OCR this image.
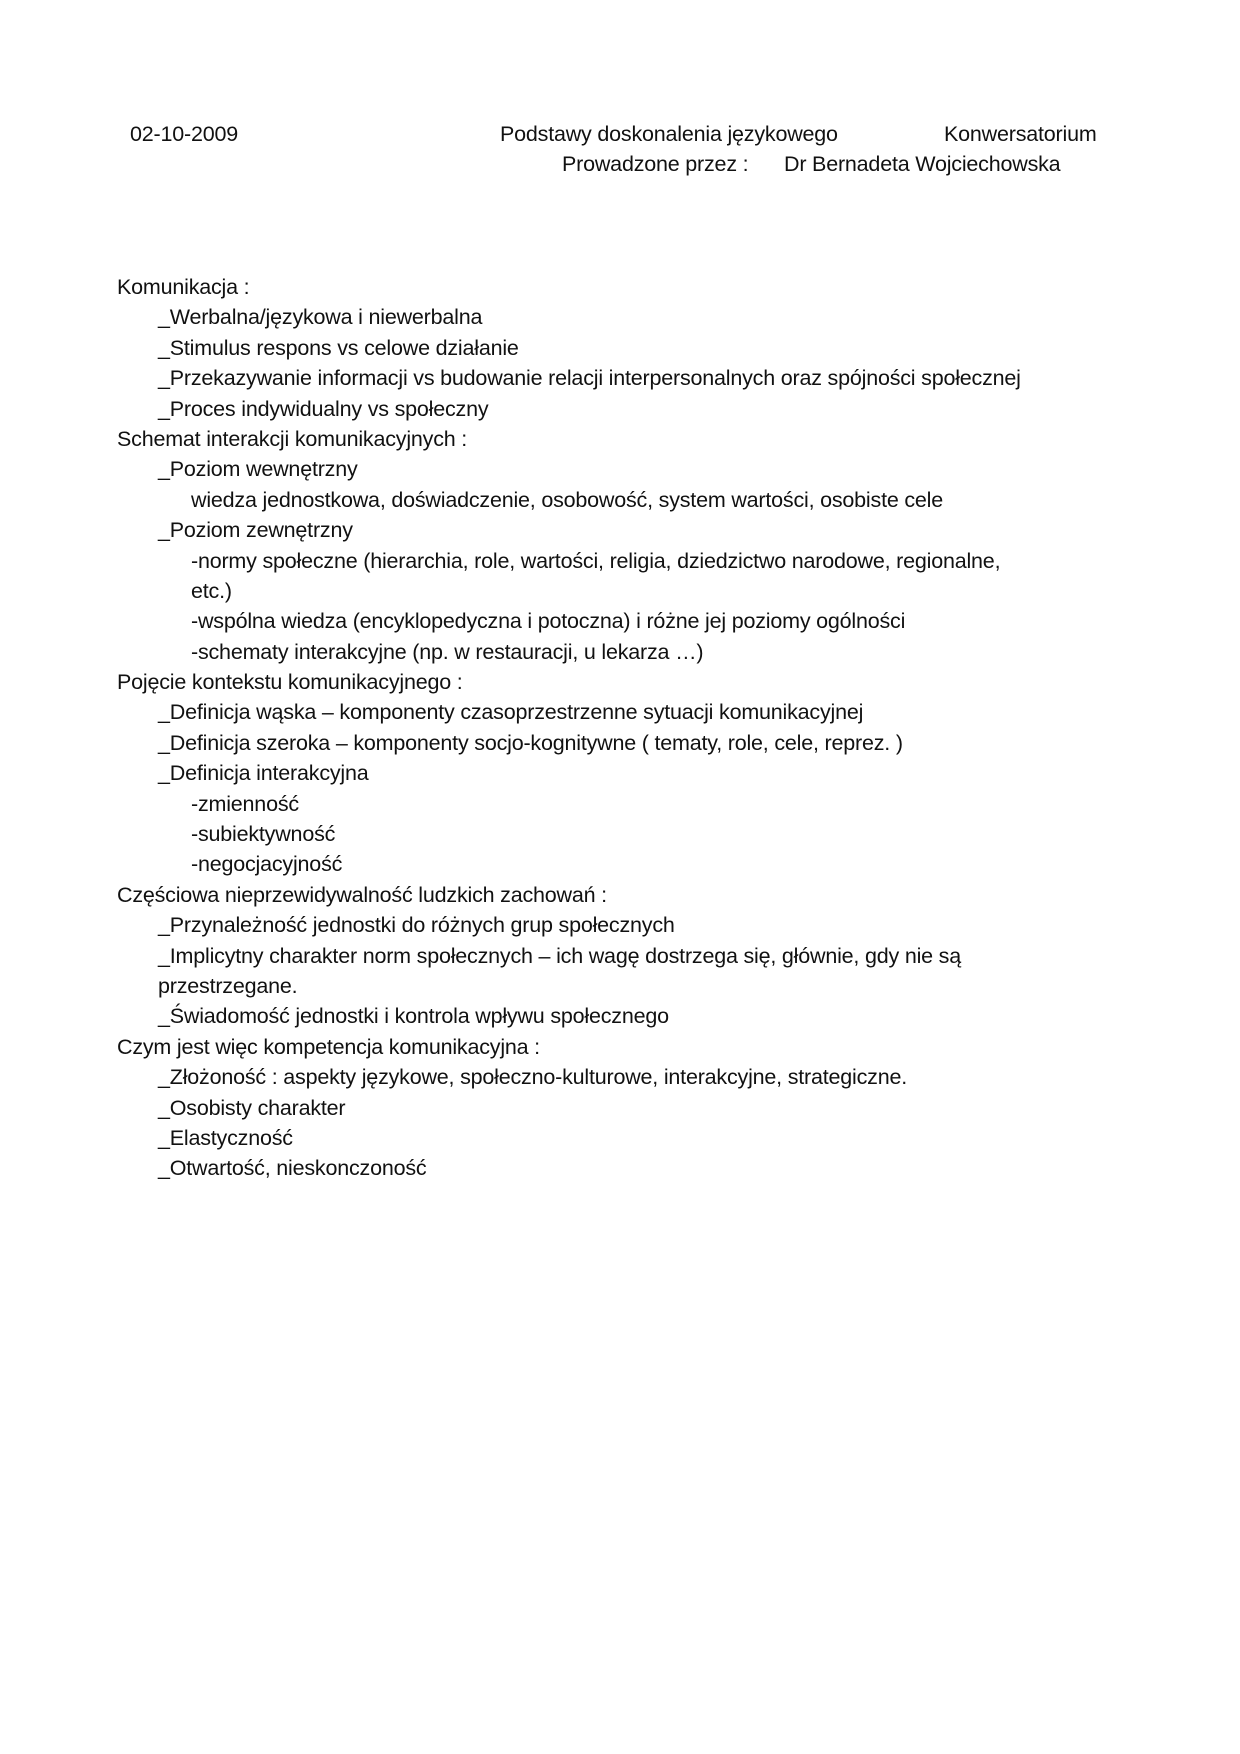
02-10-2009	Podstawy doskonalenia językowego	Konwersatorium
Prowadzone przez : Dr Bernadeta Wojciechowska
Komunikacja :
_Werbalna/językowa i niewerbalna
_Stimulus respons vs celowe działanie
_Przekazywanie informacji vs budowanie relacji interpersonalnych oraz spójności społecznej
_Proces indywidualny vs społeczny
Schemat interakcji komunikacyjnych :
_Poziom wewnętrzny
wiedza jednostkowa, doświadczenie, osobowość, system wartości, osobiste cele
_Poziom zewnętrzny
-normy społeczne (hierarchia, role, wartości, religia, dziedzictwo narodowe, regionalne,
etc.)
-wspólna wiedza (encyklopedyczna i potoczna) i różne jej poziomy ogólności
-schematy interakcyjne (np. w restauracji, u lekarza …)
Pojęcie kontekstu komunikacyjnego :
_Definicja wąska – komponenty czasoprzestrzenne sytuacji komunikacyjnej
_Definicja szeroka – komponenty socjo-kognitywne ( tematy, role, cele, reprez. )
_Definicja interakcyjna
-zmienność
-subiektywność
-negocjacyjność
Częściowa nieprzewidywalność ludzkich zachowań :
_Przynależność jednostki do różnych grup społecznych
_Implicytny charakter norm społecznych – ich wagę dostrzega się, głównie, gdy nie są
przestrzegane.
_Świadomość jednostki i kontrola wpływu społecznego
Czym jest więc kompetencja komunikacyjna :
_Złożoność : aspekty językowe, społeczno-kulturowe, interakcyjne, strategiczne.
_Osobisty charakter
_Elastyczność
_Otwartość, nieskonczoność
